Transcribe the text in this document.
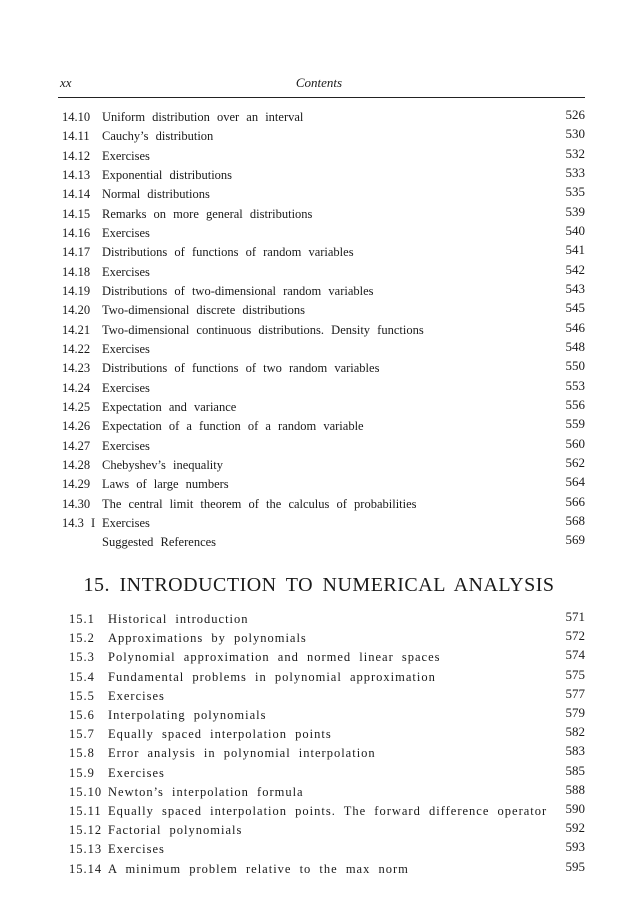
xx	Contents
14.10 Uniform distribution over an interval	526
14.11 Cauchy’s distribution	530
14.12 Exercises	532
14.13 Exponential distributions	533
14.14 Normal distributions	535
14.15 Remarks on more general distributions	539
14.16 Exercises	540
14.17 Distributions of functions of random variables	541
14.18 Exercises	542
14.19 Distributions of two-dimensional random variables	543
14.20 Two-dimensional discrete distributions	545
14.21 Two-dimensional continuous distributions. Density functions	546
14.22 Exercises	548
14.23 Distributions of functions of two random variables	550
14.24 Exercises	553
14.25 Expectation and variance	556
14.26 Expectation of a function of a random variable	559
14.27 Exercises	560
14.28 Chebyshev’s inequality	562
14.29 Laws of large numbers	564
14.30 The central limit theorem of the calculus of probabilities	566
14.3 I Exercises	568
Suggested References	569
15. INTRODUCTION TO NUMERICAL ANALYSIS
15.1 Historical introduction	571
15.2 Approximations by polynomials	572
15.3 Polynomial approximation and normed linear spaces	574
15.4 Fundamental problems in polynomial approximation	575
15.5 Exercises	577
15.6 Interpolating polynomials	579
15.7 Equally spaced interpolation points	582
15.8 Error analysis in polynomial interpolation	583
15.9 Exercises	585
15.10 Newton’s interpolation formula	588
15.11 Equally spaced interpolation points. The forward difference operator 590
15.12 Factorial polynomials	592
15.13 Exercises	593
15.14 A minimum problem relative to the max norm	595
